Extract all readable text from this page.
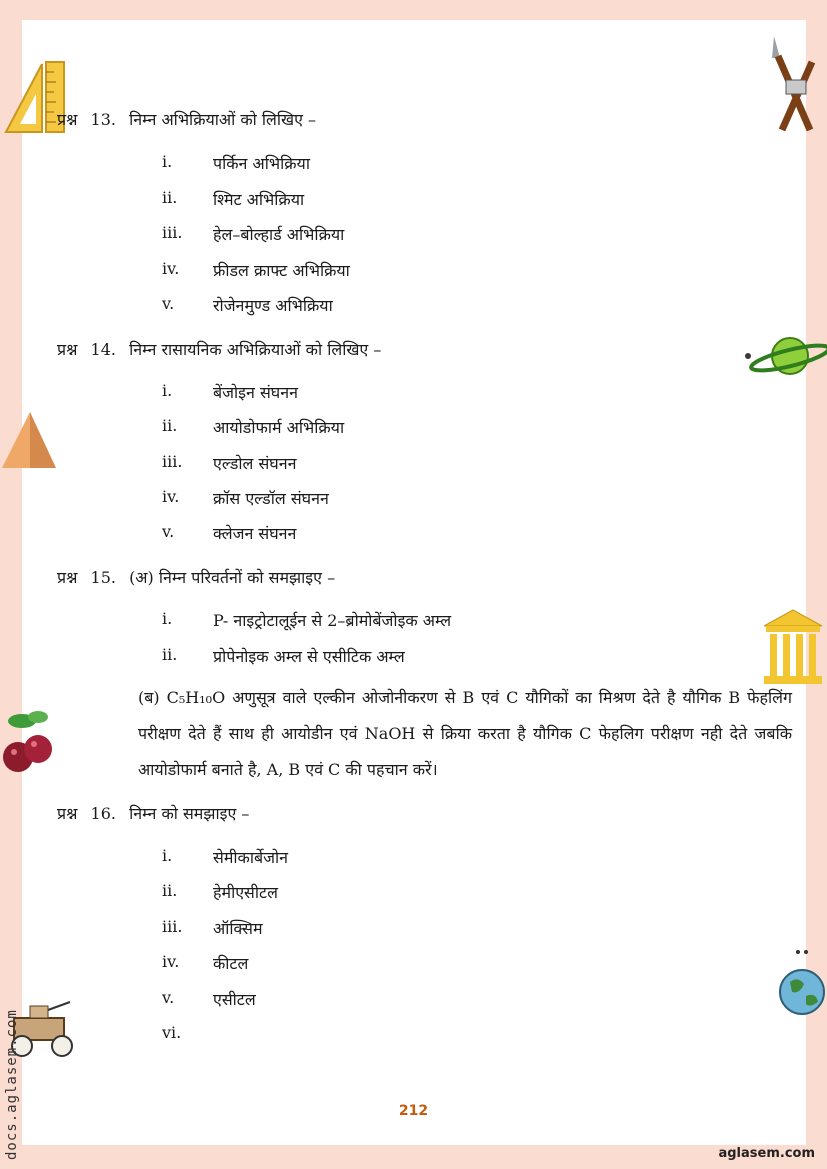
प्रश्न 13. निम्न अभिक्रियाओं को लिखिए –
i.	पर्किन अभिक्रिया
ii. श्मिट अभिक्रिया
iii. हेल–बोल्हार्ड अभिक्रिया
iv. फ्रीडल क्राफ्ट अभिक्रिया
v. रोजेनमुण्ड अभिक्रिया
प्रश्न 14. निम्न रासायनिक अभिक्रियाओं को लिखिए –
i.	बेंजोइन संघनन
ii. आयोडोफार्म अभिक्रिया
iii. एल्डोल संघनन
iv. क्रॉस एल्डॉल संघनन
v. क्लेजन संघनन
प्रश्न 15. (अ) निम्न परिवर्तनों को समझाइए –
i.	P- नाइट्रोटालूईन से 2–ब्रोमोबेंजोइक अम्ल
ii. प्रोपेनोइक अम्ल से एसीटिक अम्ल
(ब) C₅H₁₀O अणुसूत्र वाले एल्कीन ओजोनीकरण से B एवं C यौगिकों का मिश्रण देते है यौगिक B फेहलिंग परीक्षण देते हैं साथ ही आयोडीन एवं NaOH से क्रिया करता है यौगिक C फेहलिग परीक्षण नही देते जबकि आयोडोफार्म बनाते है, A, B एवं C की पहचान करें।
प्रश्न 16. निम्न को समझाइए –
i.	सेमीकार्बेजोन
ii. हेमीएसीटल
iii. ऑक्सिम
iv. कीटल
v. एसीटल
vi.
212
aglasem.com
docs.aglasem.com
